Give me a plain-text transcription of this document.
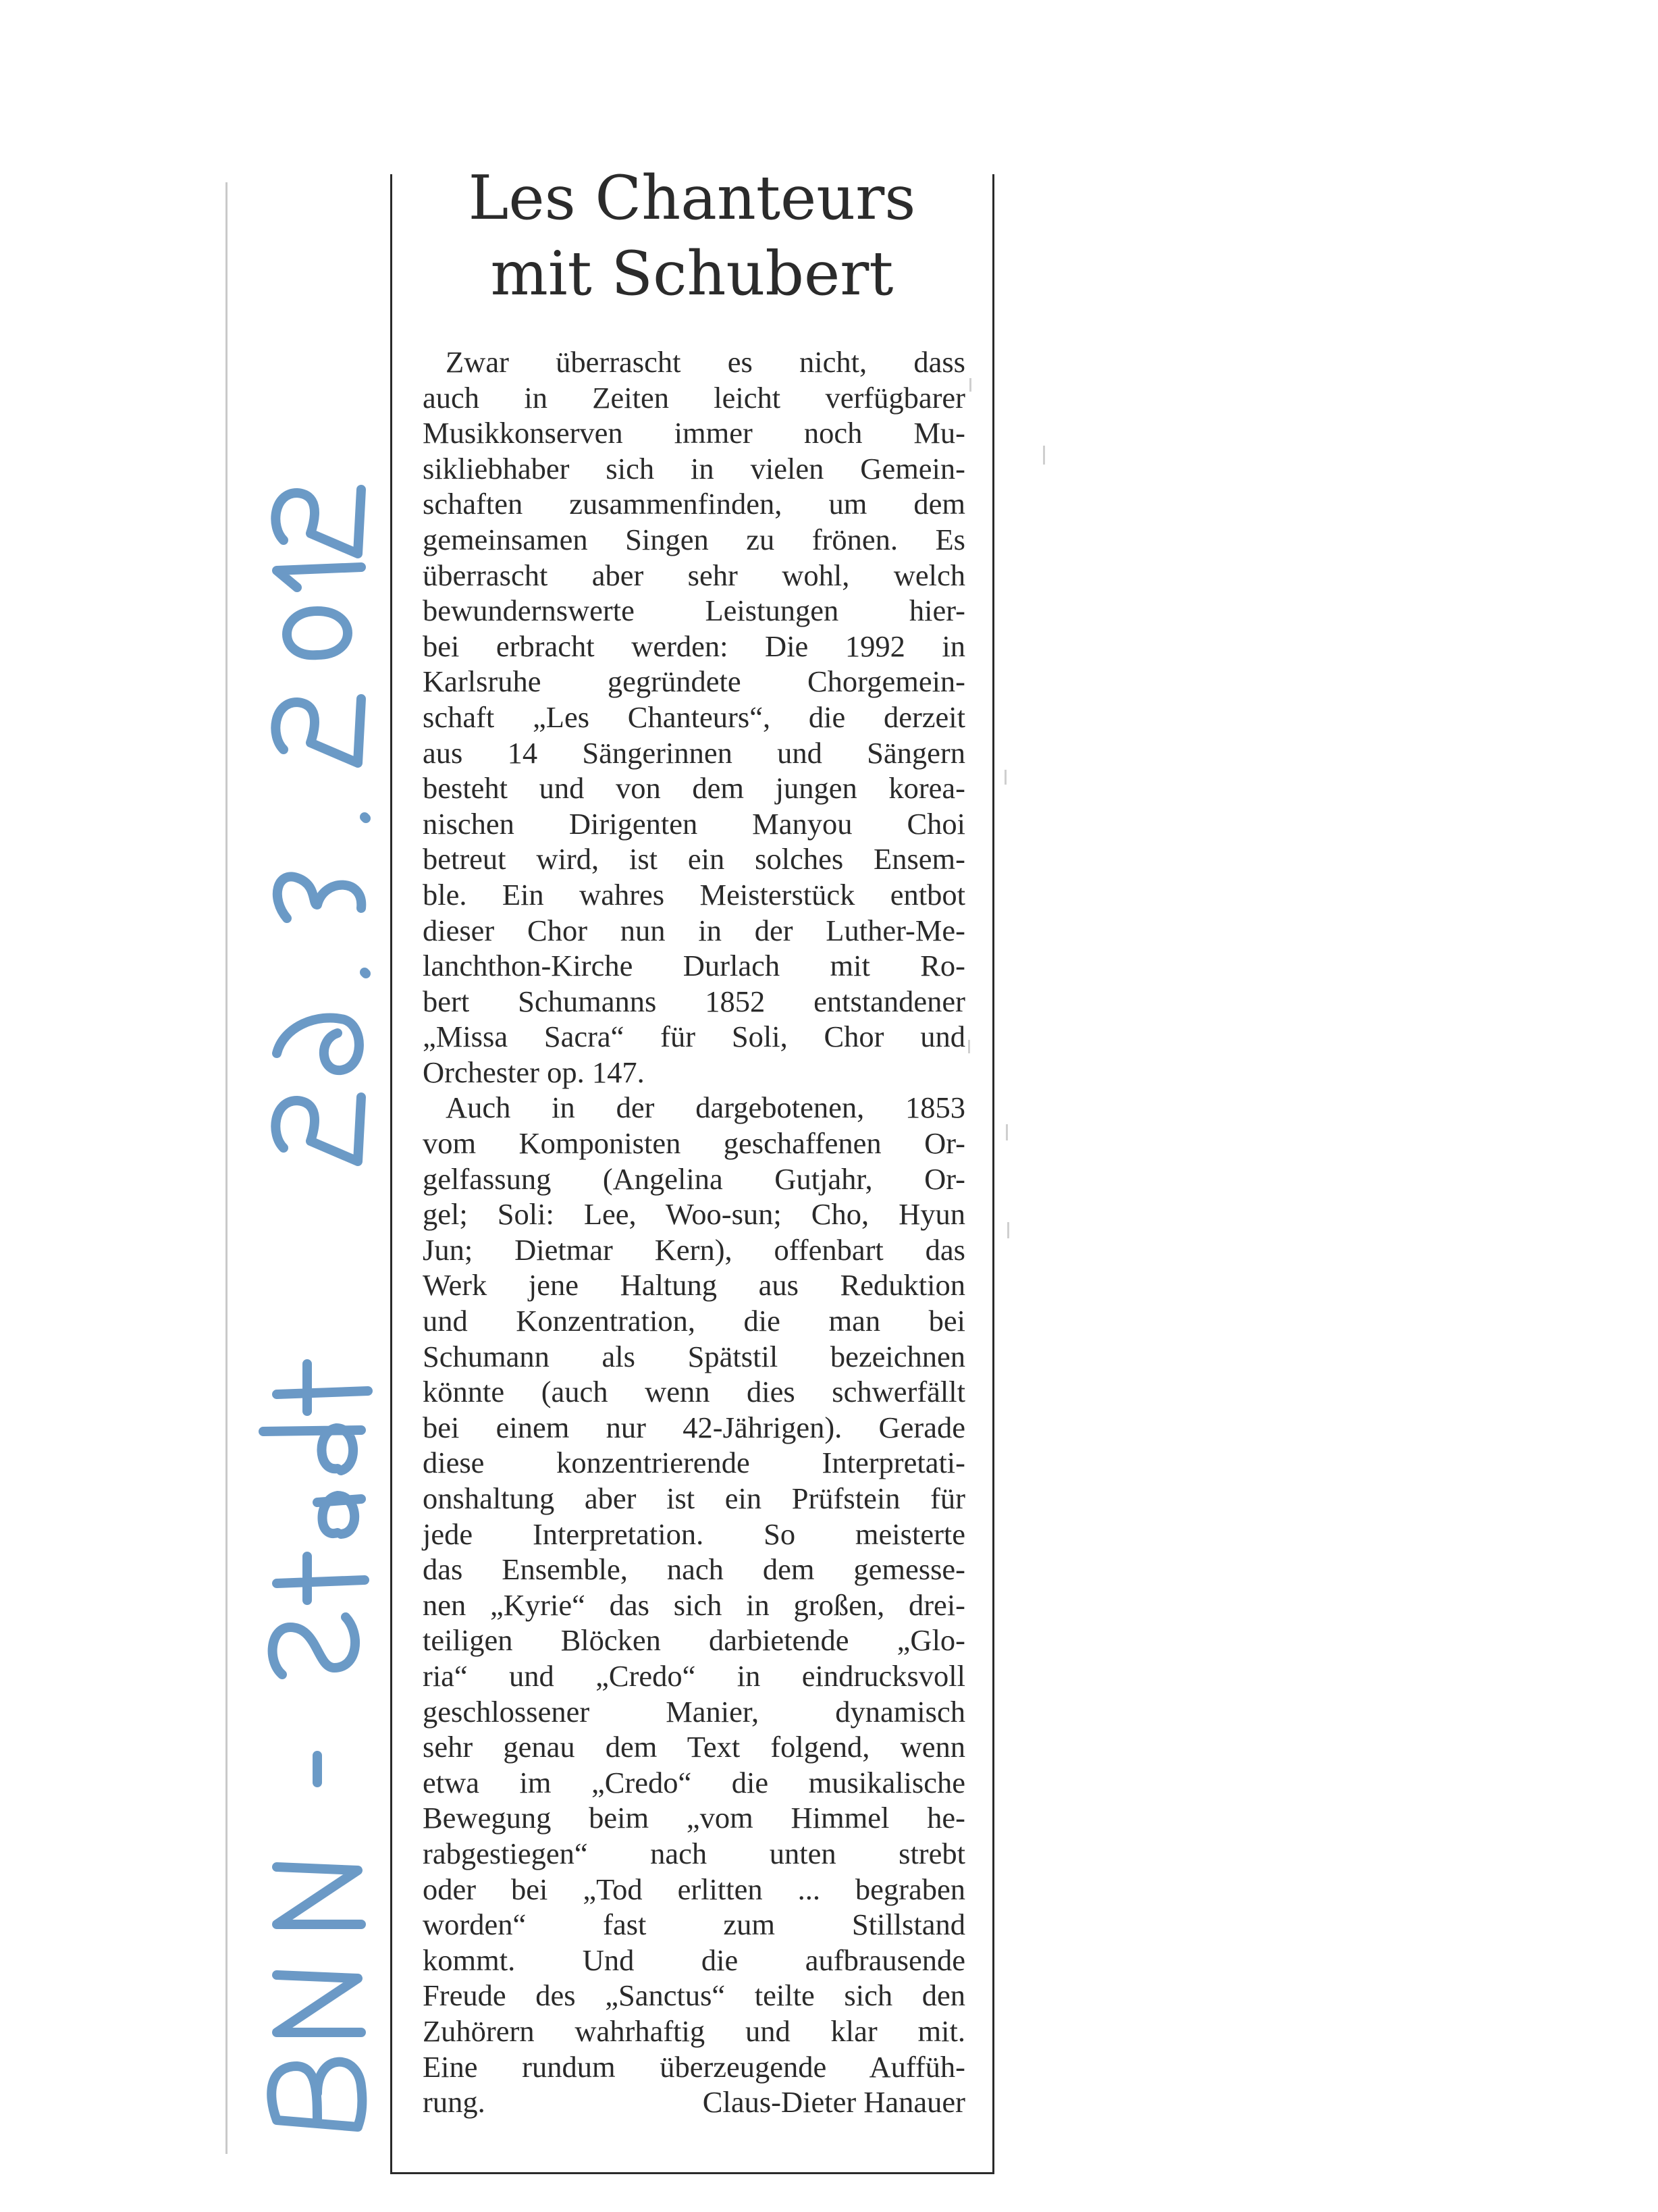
Les Chanteurs
mit Schubert

Zwar überrascht es nicht, dass

auch in Zeiten leicht verfügbarer

Musikkonserven immer noch Mu-

sikliebhaber sich in vielen Gemein-

schaften zusammenfinden, um dem

gemeinsamen Singen zu frönen. Es

überrascht aber sehr wohl, welch

bewundernswerte Leistungen hier-

bei erbracht werden: Die 1992 in

Karlsruhe gegründete Chorgemein-

schaft „Les Chanteurs“, die derzeit

aus 14 Sängerinnen und Sängern

besteht und von dem jungen korea-

nischen Dirigenten Manyou Choi

betreut wird, ist ein solches Ensem-

ble. Ein wahres Meisterstück entbot

dieser Chor nun in der Luther-Me-

lanchthon-Kirche Durlach mit Ro-

bert Schumanns 1852 entstandener

„Missa Sacra“ für Soli, Chor und

Orchester op. 147.

Auch in der dargebotenen, 1853

vom Komponisten geschaffenen Or-

gelfassung (Angelina Gutjahr, Or-

gel; Soli: Lee, Woo-sun; Cho, Hyun

Jun; Dietmar Kern), offenbart das

Werk jene Haltung aus Reduktion

und Konzentration, die man bei

Schumann als Spätstil bezeichnen

könnte (auch wenn dies schwerfällt

bei einem nur 42-Jährigen). Gerade

diese konzentrierende Interpretati-

onshaltung aber ist ein Prüfstein für

jede Interpretation. So meisterte

das Ensemble, nach dem gemesse-

nen „Kyrie“ das sich in großen, drei-

teiligen Blöcken darbietende „Glo-

ria“ und „Credo“ in eindrucksvoll

geschlossener Manier, dynamisch

sehr genau dem Text folgend, wenn

etwa im „Credo“ die musikalische

Bewegung beim „vom Himmel he-

rabgestiegen“ nach unten strebt

oder bei „Tod erlitten ... begraben

worden“ fast zum Stillstand

kommt. Und die aufbrausende

Freude des „Sanctus“ teilte sich den

Zuhörern wahrhaftig und klar mit.

Eine rundum überzeugende Auffüh-

rung.	Claus-Dieter Hanauer
